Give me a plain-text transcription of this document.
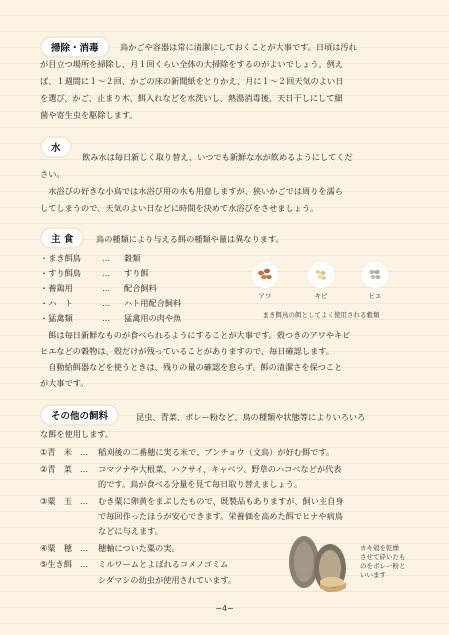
掃除・消毒	鳥かごや容器は常に清潔にしておくことが大事です。日頃は汚れ
が目立つ場所を掃除し、月１回くらい全体の大掃除をするのがよいでしょう。例え
ば、１週間に１〜２回、かごの床の新聞紙をとりかえ、月に１〜２回天気のよい日
を選び、かご、止まり木、餌入れなどを水洗いし、熱湯消毒後、天日干しにして細
菌や寄生虫を駆除します。
水
飲み水は毎日新しく取り替え、いつでも新鮮な水が飲めるようにしてくだ
さい。
　水浴びの好きな小鳥では水浴び用の水も用意しますが、狭いかごでは周りを濡ら
してしまうので、天気のよい日などに時間を決めて水浴びをさせましょう。
主 食	鳥の種類により与える餌の種類や量は異なります。
・まき餌鳥	… 穀類
・すり餌鳥	… すり餌
・養鶏用	… 配合飼料
・ハ　ト	… ハト用配合飼料
・猛禽類	… 猛禽用の肉や魚
アワ	キビ	ヒエ
まき餌鳥の餌としてよく使用される穀類
　餌は毎日新鮮なものが食べられるようにすることが大事です。殻つきのアワやキビ
ヒエなどの穀物は、殻だけが残っていることがありますので、毎日確認します。
　自動給餌器などを使うときは、残りの量の確認を怠らず、餌の清潔さを保つこと
が大事です。
その他の飼料	昆虫、青菜、ボレー粉など、鳥の種類や状態等によりいろいろ
な餌を使用します。
①青　米 … 稲刈後の二番穂に実る米で、ブンチョウ（文鳥）が好む餌です。
②青　菜 … コマツナや大根菜、ハクサイ、キャベツ、野草のハコベなどが代表
的です。鳥が食べる分量を見て毎日取り替えましょう。
③粟　玉 … むき粟に卵黄をまぶしたもので、既製品もありますが、飼い主自身
で毎回作ったほうが安心できます。栄養価を高めた餌でヒナや病鳥
などに与えます。
④粟　穂 … 穂軸についた粟の実。
⑤生き餌 … ミルワームとよばれるコメノゴミム
シダマシの幼虫が使用されています。
カキ殻を乾燥
させて砕いたも
のをボレー粉と
いいます
−4−
